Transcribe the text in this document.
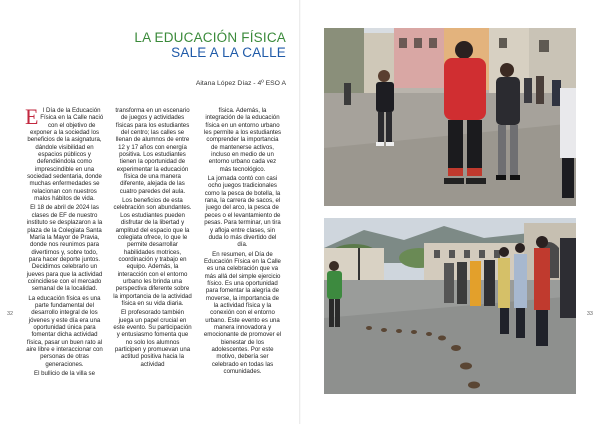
LA EDUCACIÓN FÍSICA
SALE A LA CALLE
Aitana López Díaz - 4º ESO A

El Día de la Educación Física en la Calle nació con el objetivo de exponer a la sociedad los beneficios de la asignatura, dándole visibilidad en espacios públicos y defendiéndola como imprescindible en una sociedad sedentaria, donde muchas enfermedades se relacionan con nuestros malos hábitos de vida.

El 18 de abril de 2024 las clases de EF de nuestro instituto se desplazaron a la plaza de la Colegiata Santa María la Mayor de Pravia, donde nos reunimos para divertirnos y, sobre todo, para hacer deporte juntos. Decidimos celebrarlo un jueves para que la actividad coincidiese con el mercado semanal de la localidad.

La educación física es una parte fundamental del desarrollo integral de los jóvenes y este día era una oportunidad única para fomentar dicha actividad física, pasar un buen rato al aire libre e interaccionar con personas de otras generaciones.

El bullicio de la villa se

transforma en un escenario de juegos y actividades físicas para los estudiantes del centro; las calles se llenan de alumnos de entre 12 y 17 años con energía positiva. Los estudiantes tienen la oportunidad de experimentar la educación física de una manera diferente, alejada de las cuatro paredes del aula.

Los beneficios de esta celebración son abundantes. Los estudiantes pueden disfrutar de la libertad y amplitud del espacio que la colegiata ofrece, lo que le permite desarrollar habilidades motrices, coordinación y trabajo en equipo. Además, la interacción con el entorno urbano les brinda una perspectiva diferente sobre la importancia de la actividad física en su vida diaria.

El profesorado también juega un papel crucial en este evento. Su participación y entusiasmo fomenta que no solo los alumnos participen y promuevan una actitud positiva hacia la actividad

física. Además, la integración de la educación física en un entorno urbano les permite a los estudiantes comprender la importancia de mantenerse activos, incluso en medio de un entorno urbano cada vez más tecnológico.

La jornada contó con casi ocho juegos tradicionales como la pesca de botella, la rana, la carrera de sacos, el juego del arco, la pesca de peces o el levantamiento de pesas. Para terminar, un tira y afloja entre clases, sin duda lo más divertido del día.

En resumen, el Día de Educación Física en la Calle es una celebración que va más allá del simple ejercicio físico. Es una oportunidad para fomentar la alegría de moverse, la importancia de la actividad física y la conexión con el entorno urbano. Este evento es una manera innovadora y emocionante de promover el bienestar de los adolescentes. Por este motivo, debería ser celebrado en todas las comunidades.

32	33
